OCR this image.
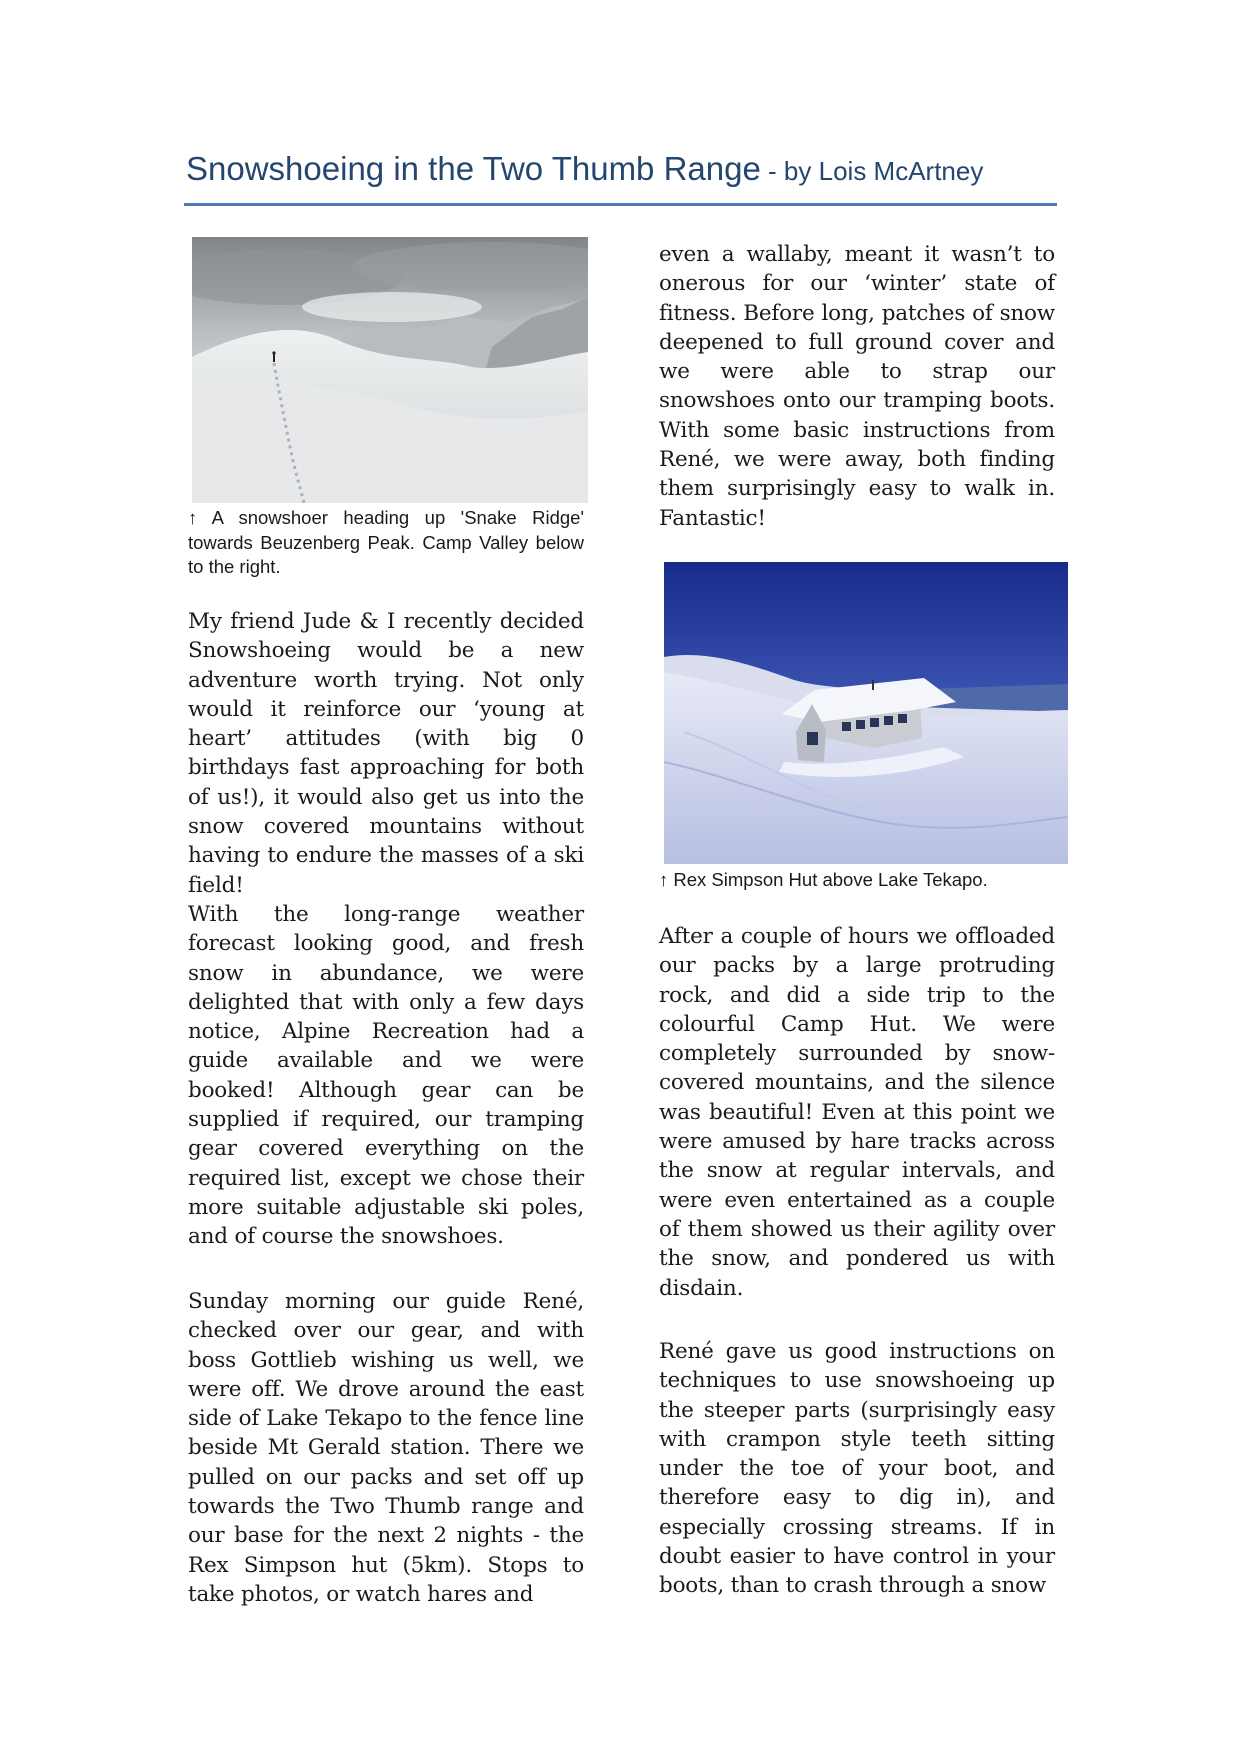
Snowshoeing in the Two Thumb Range - by Lois McArtney

↑ A snowshoer heading up 'Snake Ridge' towards Beuzenberg Peak. Camp Valley below to the right.

My friend Jude & I recently decided Snowshoeing would be a new adventure worth trying. Not only would it reinforce our ‘young at heart’ attitudes (with big 0 birthdays fast approaching for both of us!), it would also get us into the snow covered mountains without having to endure the masses of a ski field!

With the long-range weather forecast looking good, and fresh snow in abundance, we were delighted that with only a few days notice, Alpine Recreation had a guide available and we were booked! Although gear can be supplied if required, our tramping gear covered everything on the required list, except we chose their more suitable adjustable ski poles, and of course the snowshoes.

Sunday morning our guide René, checked over our gear, and with boss Gottlieb wishing us well, we were off. We drove around the east side of Lake Tekapo to the fence line beside Mt Gerald station. There we pulled on our packs and set off up towards the Two Thumb range and our base for the next 2 nights - the Rex Simpson hut (5km). Stops to take photos, or watch hares and

even a wallaby, meant it wasn’t to onerous for our ‘winter’ state of fitness. Before long, patches of snow deepened to full ground cover and we were able to strap our snowshoes onto our tramping boots. With some basic instructions from René, we were away, both finding them surprisingly easy to walk in. Fantastic!

↑ Rex Simpson Hut above Lake Tekapo.

After a couple of hours we offloaded our packs by a large protruding rock, and did a side trip to the colourful Camp Hut. We were completely surrounded by snow-covered mountains, and the silence was beautiful! Even at this point we were amused by hare tracks across the snow at regular intervals, and were even entertained as a couple of them showed us their agility over the snow, and pondered us with disdain.

René gave us good instructions on techniques to use snowshoeing up the steeper parts (surprisingly easy with crampon style teeth sitting under the toe of your boot, and therefore easy to dig in), and especially crossing streams. If in doubt easier to have control in your boots, than to crash through a snow
